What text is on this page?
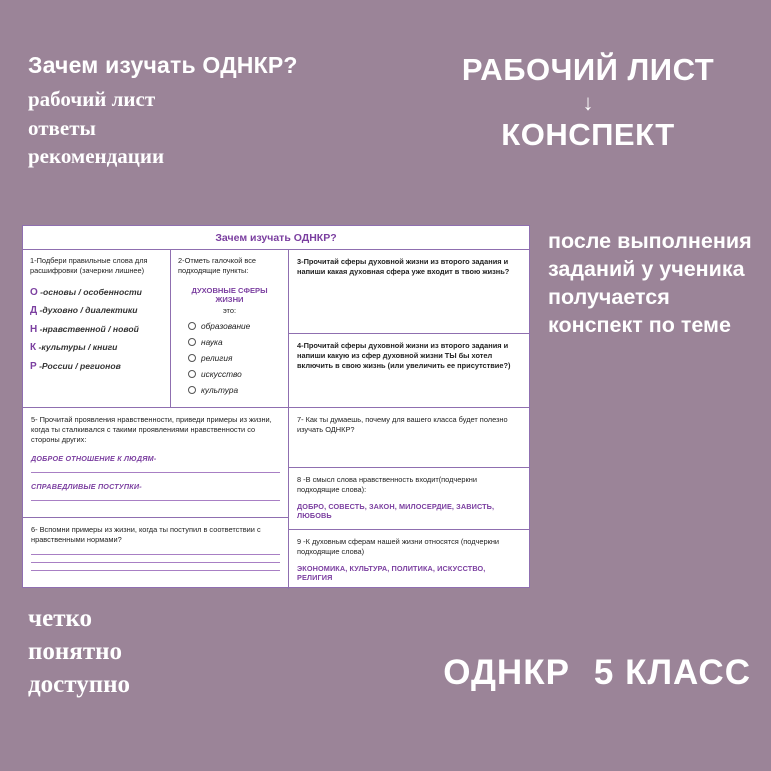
Зачем изучать ОДНКР?
рабочий лист
ответы
рекомендации
РАБОЧИЙ ЛИСТ
↓
КОНСПЕКТ
после выполнения заданий у ученика получается конспект по теме
четко
понятно
доступно	ОДНКР 5 КЛАСС
Зачем изучать ОДНКР?
1-Подбери правильные слова для расшифровки (зачеркни лишнее)
О -основы / особенности
Д -духовно / диалектики
Н -нравственной / новой
К -культуры / книги
Р -России / регионов
2-Отметь галочкой все подходящие пункты:
ДУХОВНЫЕ СФЕРЫ ЖИЗНИ
это:
образование
наука
религия
искусство
культура
3-Прочитай сферы духовной жизни из второго задания и напиши какая духовная сфера уже входит в твою жизнь?
4-Прочитай сферы духовной жизни из второго задания и напиши какую из сфер духовной жизни ТЫ бы хотел включить в свою жизнь (или увеличить ее присутствие?)
5- Прочитай проявления нравственности, приведи примеры из жизни, когда ты сталкивался с такими проявлениями нравственности со стороны других:
ДОБРОЕ ОТНОШЕНИЕ К ЛЮДЯМ-
СПРАВЕДЛИВЫЕ ПОСТУПКИ-
6- Вспомни примеры из жизни, когда ты поступил в соответствии с нравственными нормами?
7- Как ты думаешь, почему для вашего класса будет полезно изучать ОДНКР?
8 -В смысл слова нравственность входит(подчеркни подходящие слова):
ДОБРО, СОВЕСТЬ, ЗАКОН, МИЛОСЕРДИЕ, ЗАВИСТЬ, ЛЮБОВЬ
9 -К духовным сферам нашей жизни относятся (подчеркни подходящие слова)
ЭКОНОМИКА, КУЛЬТУРА, ПОЛИТИКА, ИСКУССТВО, РЕЛИГИЯ
